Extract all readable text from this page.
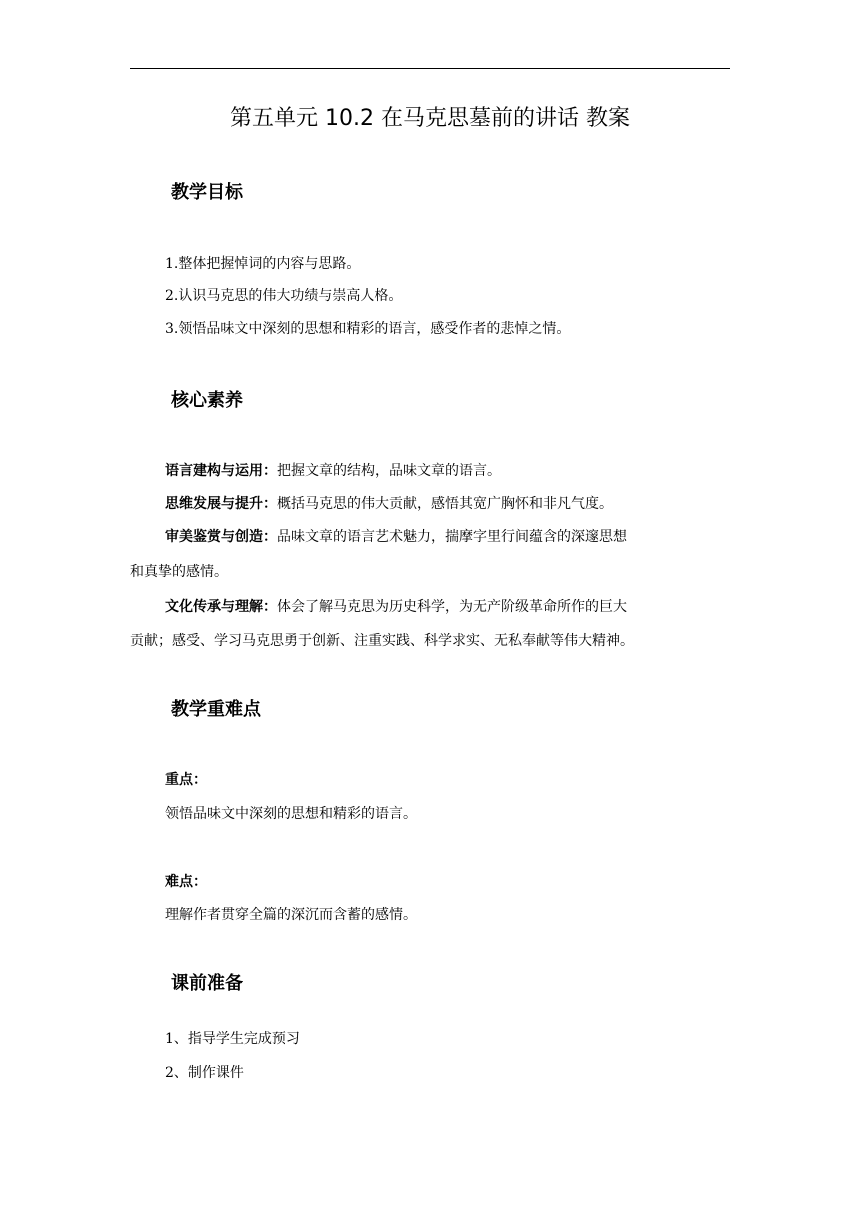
第五单元 10.2 在马克思墓前的讲话 教案
教学目标
1.整体把握悼词的内容与思路。
2.认识马克思的伟大功绩与崇高人格。
3.领悟品味文中深刻的思想和精彩的语言，感受作者的悲悼之情。
核心素养
语言建构与运用：把握文章的结构，品味文章的语言。
思维发展与提升：概括马克思的伟大贡献，感悟其宽广胸怀和非凡气度。
审美鉴赏与创造：品味文章的语言艺术魅力，揣摩字里行间蕴含的深邃思想
和真挚的感情。
文化传承与理解：体会了解马克思为历史科学，为无产阶级革命所作的巨大
贡献；感受、学习马克思勇于创新、注重实践、科学求实、无私奉献等伟大精神。
教学重难点
重点：
领悟品味文中深刻的思想和精彩的语言。
难点：
理解作者贯穿全篇的深沉而含蓄的感情。
课前准备
1、指导学生完成预习
2、制作课件
